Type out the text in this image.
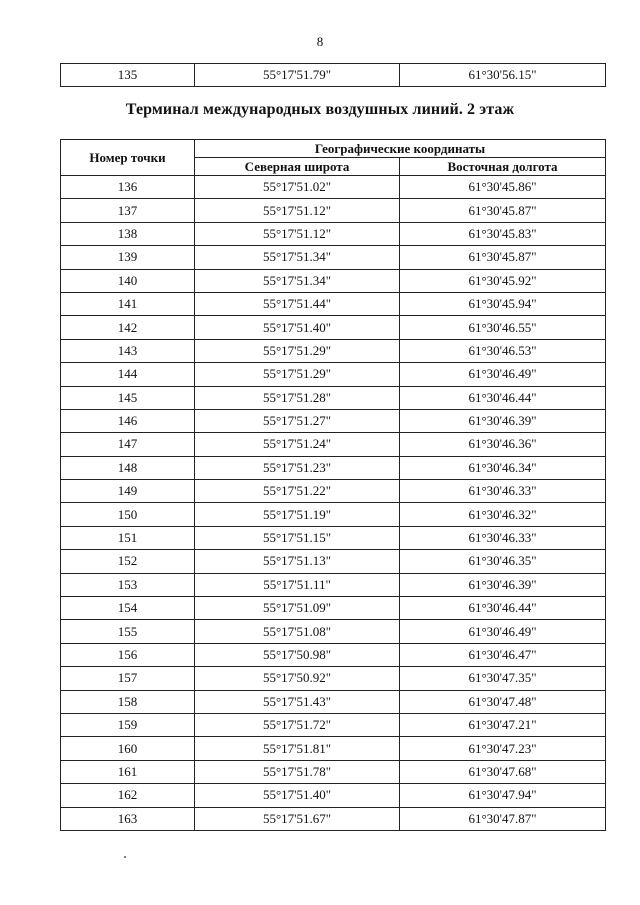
8
135	55°17'51.79"	61°30'56.15"
Терминал международных воздушных линий. 2 этаж
Номер точки	Географические координаты	
	Северная широта	Восточная долгота
136	55°17'51.02"	61°30'45.86"
137	55°17'51.12"	61°30'45.87"
138	55°17'51.12"	61°30'45.83"
139	55°17'51.34"	61°30'45.87"
140	55°17'51.34"	61°30'45.92"
141	55°17'51.44"	61°30'45.94"
142	55°17'51.40"	61°30'46.55"
143	55°17'51.29"	61°30'46.53"
144	55°17'51.29"	61°30'46.49"
145	55°17'51.28"	61°30'46.44"
146	55°17'51.27"	61°30'46.39"
147	55°17'51.24"	61°30'46.36"
148	55°17'51.23"	61°30'46.34"
149	55°17'51.22"	61°30'46.33"
150	55°17'51.19"	61°30'46.32"
151	55°17'51.15"	61°30'46.33"
152	55°17'51.13"	61°30'46.35"
153	55°17'51.11"	61°30'46.39"
154	55°17'51.09"	61°30'46.44"
155	55°17'51.08"	61°30'46.49"
156	55°17'50.98"	61°30'46.47"
157	55°17'50.92"	61°30'47.35"
158	55°17'51.43"	61°30'47.48"
159	55°17'51.72"	61°30'47.21"
160	55°17'51.81"	61°30'47.23"
161	55°17'51.78"	61°30'47.68"
162	55°17'51.40"	61°30'47.94"
163	55°17'51.67"	61°30'47.87"
